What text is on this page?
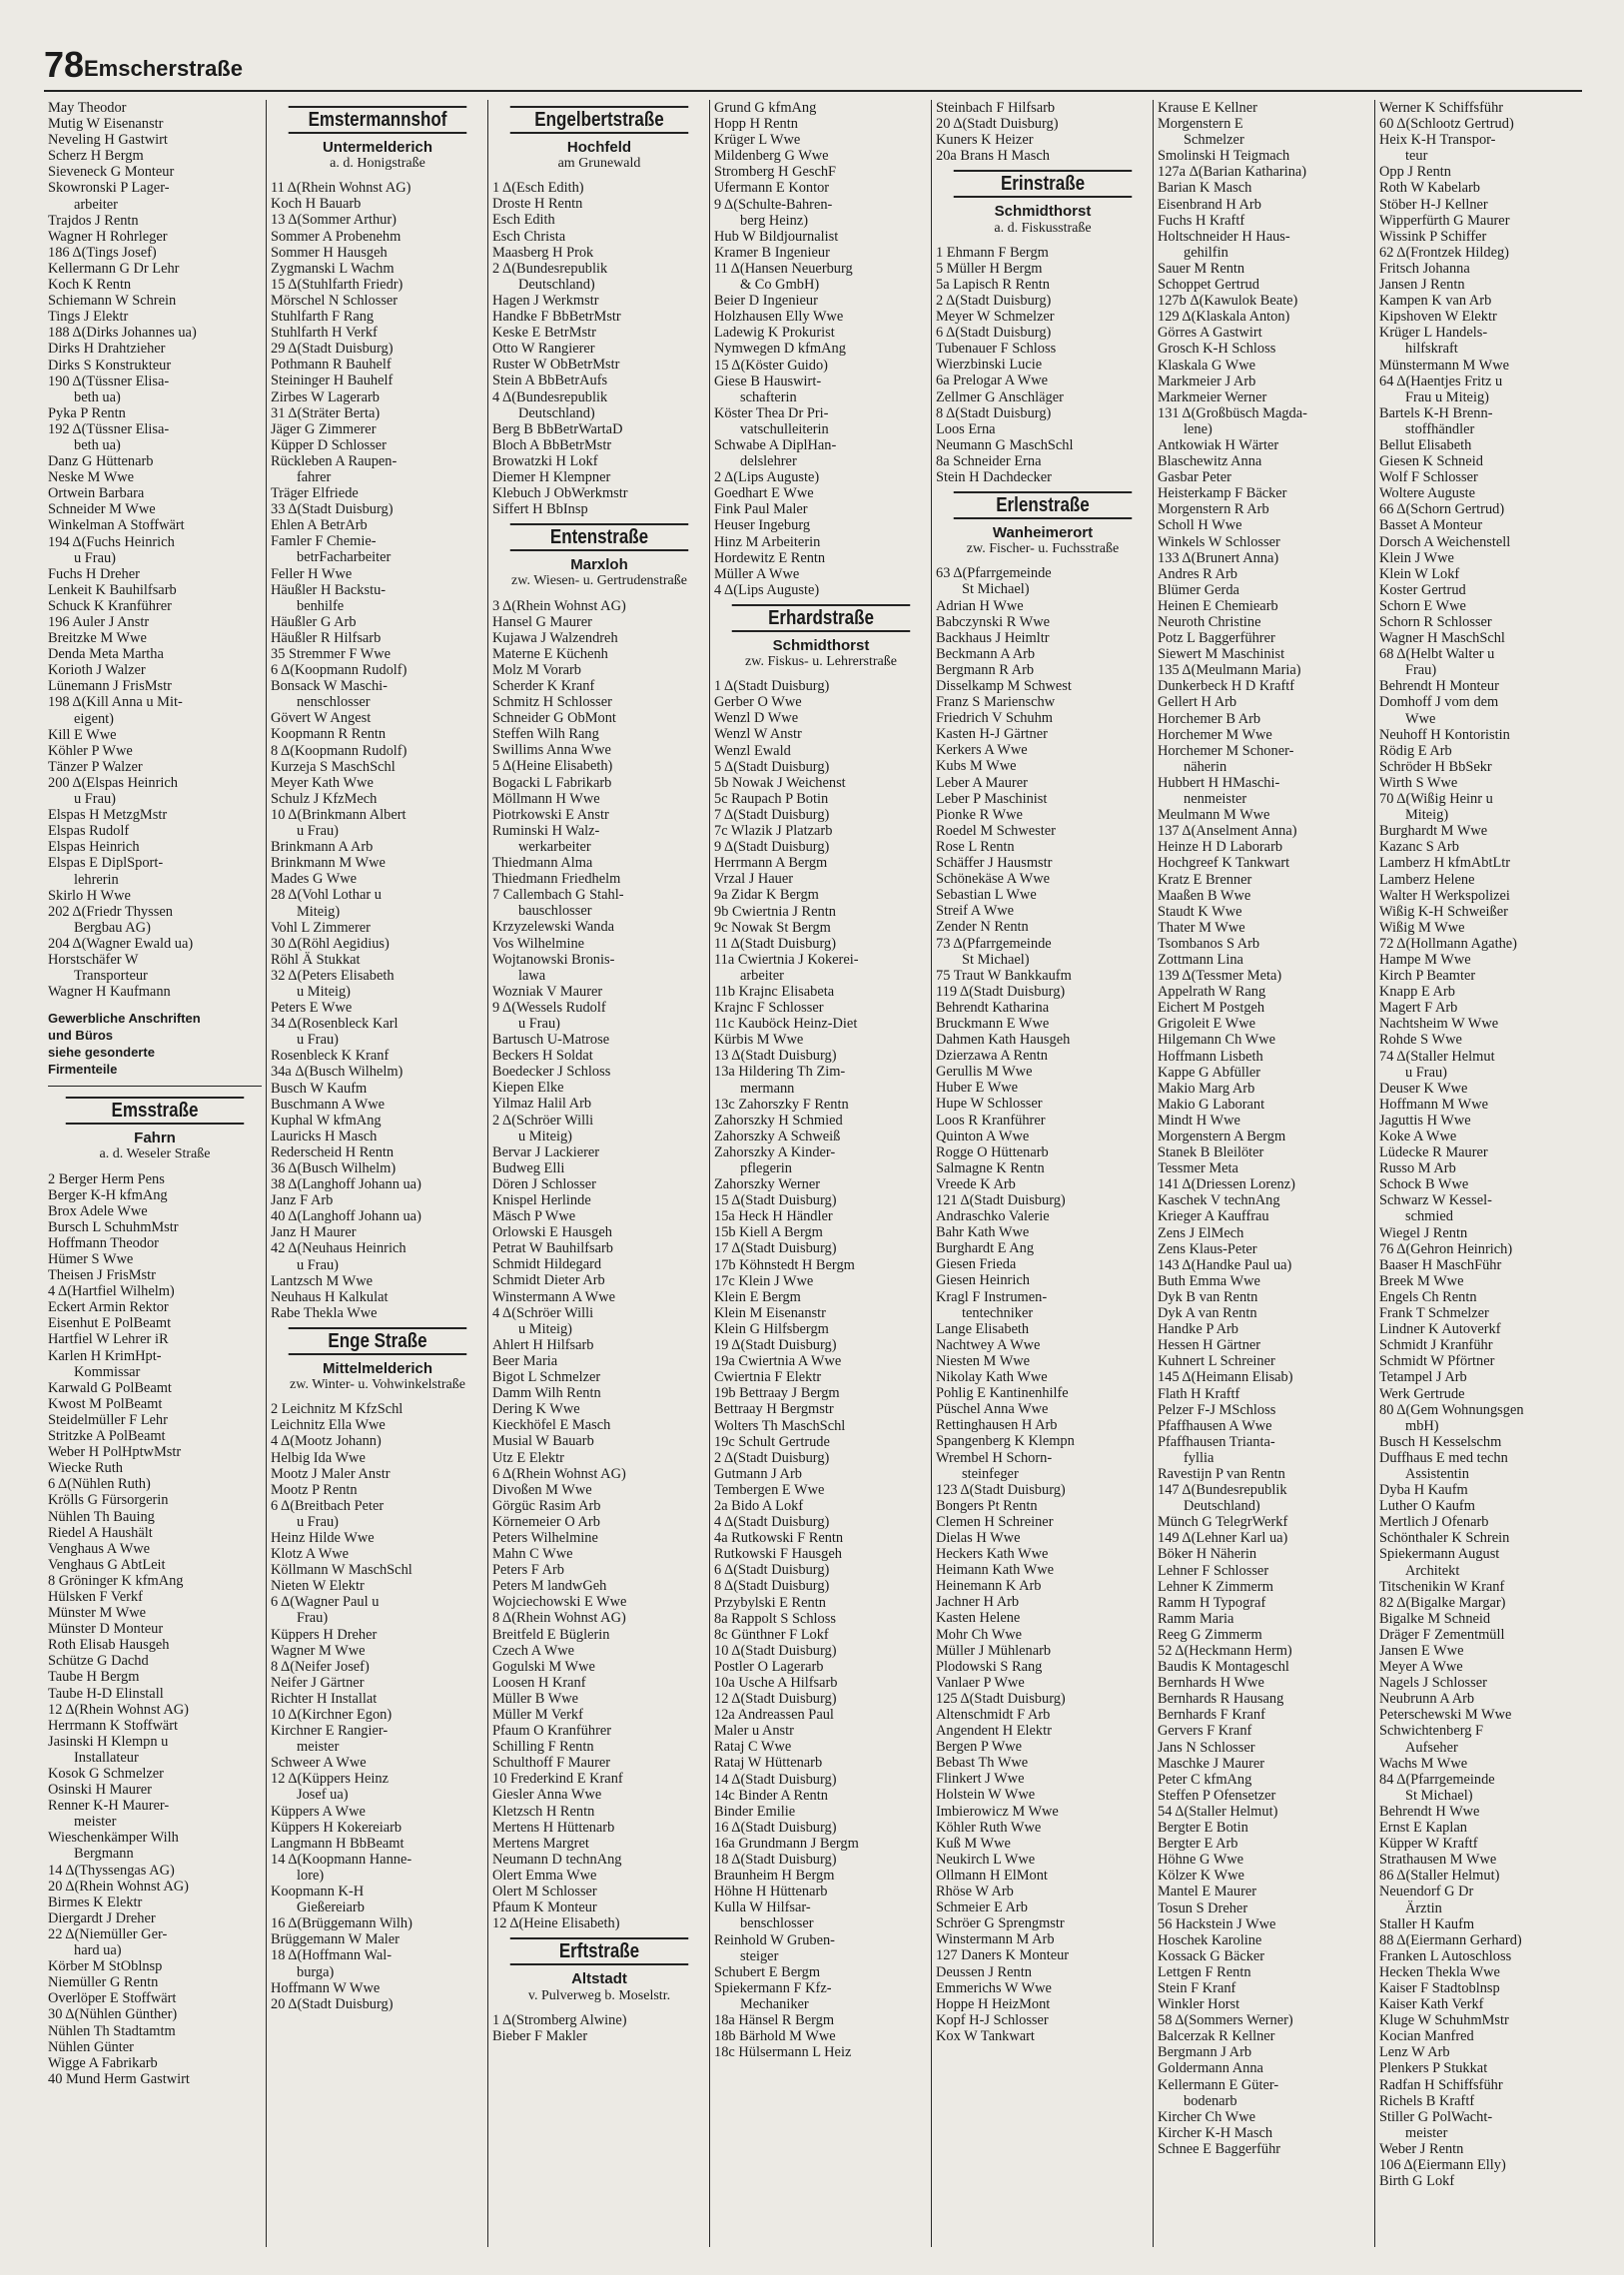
78 Emscherstraße
May Theodor
Mutig W Eisenanstr
Neveling H Gastwirt
Scherz H Bergm
Sieveneck G Monteur
Skowronski P Lager-
arbeiter
Trajdos J Rentn
Wagner H Rohrleger
186 Δ(Tings Josef)
Kellermann G Dr Lehr
Koch K Rentn
Schiemann W Schrein
Tings J Elektr
188 Δ(Dirks Johannes ua)
Dirks H Drahtzieher
Dirks S Konstrukteur
190 Δ(Tüssner Elisa-
beth ua)
Pyka P Rentn
192 Δ(Tüssner Elisa-
beth ua)
Danz G Hüttenarb
Neske M Wwe
Ortwein Barbara
Schneider M Wwe
Winkelman A Stoffwärt
194 Δ(Fuchs Heinrich
u Frau)
Fuchs H Dreher
Lenkeit K Bauhilfsarb
Schuck K Kranführer
196 Auler J Anstr
Breitzke M Wwe
Denda Meta Martha
Korioth J Walzer
Lünemann J FrisMstr
198 Δ(Kill Anna u Mit-
eigent)
Kill E Wwe
Köhler P Wwe
Tänzer P Walzer
200 Δ(Elspas Heinrich
u Frau)
Elspas H MetzgMstr
Elspas Rudolf
Elspas Heinrich
Elspas E DiplSport-
lehrerin
Skirlo H Wwe
202 Δ(Friedr Thyssen
Bergbau AG)
204 Δ(Wagner Ewald ua)
Horstschäfer W
Transporteur
Wagner H Kaufmann
Gewerbliche Anschriften
und Büros
siehe gesonderte
Firmenteile
Emsstraße
Fahrn
a. d. Weseler Straße
2 Berger Herm Pens
Berger K-H kfmAng
Brox Adele Wwe
Bursch L SchuhmMstr
Hoffmann Theodor
Hümer S Wwe
Theisen J FrisMstr
4 Δ(Hartfiel Wilhelm)
Eckert Armin Rektor
Eisenhut E PolBeamt
Hartfiel W Lehrer iR
Karlen H KrimHpt-
Kommissar
Karwald G PolBeamt
Kwost M PolBeamt
Steidelmüller F Lehr
Stritzke A PolBeamt
Weber H PolHptwMstr
Wiecke Ruth
6 Δ(Nühlen Ruth)
Krölls G Fürsorgerin
Nühlen Th Bauing
Riedel A Haushält
Venghaus A Wwe
Venghaus G AbtLeit
8 Gröninger K kfmAng
Hülsken F Verkf
Münster M Wwe
Münster D Monteur
Roth Elisab Hausgeh
Schütze G Dachd
Taube H Bergm
Taube H-D Elinstall
12 Δ(Rhein Wohnst AG)
Herrmann K Stoffwärt
Jasinski H Klempn u
Installateur
Kosok G Schmelzer
Osinski H Maurer
Renner K-H Maurer-
meister
Wieschenkämper Wilh
Bergmann
14 Δ(Thyssengas AG)
20 Δ(Rhein Wohnst AG)
Birmes K Elektr
Diergardt J Dreher
22 Δ(Niemüller Ger-
hard ua)
Körber M StOblnsp
Niemüller G Rentn
Overlöper E Stoffwärt
30 Δ(Nühlen Günther)
Nühlen Th Stadtamtm
Nühlen Günter
Wigge A Fabrikarb
40 Mund Herm Gastwirt
Emstermannshof
Untermelderich
a. d. Honigstraße
11 Δ(Rhein Wohnst AG)
Koch H Bauarb
13 Δ(Sommer Arthur)
Sommer A Probenehm
Sommer H Hausgeh
Zygmanski L Wachm
15 Δ(Stuhlfarth Friedr)
Mörschel N Schlosser
Stuhlfarth F Rang
Stuhlfarth H Verkf
29 Δ(Stadt Duisburg)
Pothmann R Bauhelf
Steininger H Bauhelf
Zirbes W Lagerarb
31 Δ(Sträter Berta)
Jäger G Zimmerer
Küpper D Schlosser
Rückleben A Raupen-
fahrer
Träger Elfriede
33 Δ(Stadt Duisburg)
Ehlen A BetrArb
Famler F Chemie-
betrFacharbeiter
Feller H Wwe
Häußler H Backstu-
benhilfe
Häußler G Arb
Häußler R Hilfsarb
35 Stremmer F Wwe
6 Δ(Koopmann Rudolf)
Bonsack W Maschi-
nenschlosser
Gövert W Angest
Koopmann R Rentn
8 Δ(Koopmann Rudolf)
Kurzeja S MaschSchl
Meyer Kath Wwe
Schulz J KfzMech
10 Δ(Brinkmann Albert
u Frau)
Brinkmann A Arb
Brinkmann M Wwe
Mades G Wwe
28 Δ(Vohl Lothar u
Miteig)
Vohl L Zimmerer
30 Δ(Röhl Aegidius)
Röhl Ä Stukkat
32 Δ(Peters Elisabeth
u Miteig)
Peters E Wwe
34 Δ(Rosenbleck Karl
u Frau)
Rosenbleck K Kranf
34a Δ(Busch Wilhelm)
Busch W Kaufm
Buschmann A Wwe
Kuphal W kfmAng
Lauricks H Masch
Rederscheid H Rentn
36 Δ(Busch Wilhelm)
38 Δ(Langhoff Johann ua)
Janz F Arb
40 Δ(Langhoff Johann ua)
Janz H Maurer
42 Δ(Neuhaus Heinrich
u Frau)
Lantzsch M Wwe
Neuhaus H Kalkulat
Rabe Thekla Wwe
Enge Straße
Mittelmelderich
zw. Winter- u. Vohwinkelstraße
2 Leichnitz M KfzSchl
Leichnitz Ella Wwe
4 Δ(Mootz Johann)
Helbig Ida Wwe
Mootz J Maler Anstr
Mootz P Rentn
6 Δ(Breitbach Peter
u Frau)
Heinz Hilde Wwe
Klotz A Wwe
Köllmann W MaschSchl
Nieten W Elektr
6 Δ(Wagner Paul u
Frau)
Küppers H Dreher
Wagner M Wwe
8 Δ(Neifer Josef)
Neifer J Gärtner
Richter H Installat
10 Δ(Kirchner Egon)
Kirchner E Rangier-
meister
Schweer A Wwe
12 Δ(Küppers Heinz
Josef ua)
Küppers A Wwe
Küppers H Kokereiarb
Langmann H BbBeamt
14 Δ(Koopmann Hanne-
lore)
Koopmann K-H
Gießereiarb
16 Δ(Brüggemann Wilh)
Brüggemann W Maler
18 Δ(Hoffmann Wal-
burga)
Hoffmann W Wwe
20 Δ(Stadt Duisburg)
Engelbertstraße
Hochfeld
am Grunewald
1 Δ(Esch Edith)
Droste H Rentn
Esch Edith
Esch Christa
Maasberg H Prok
2 Δ(Bundesrepublik
Deutschland)
Hagen J Werkmstr
Handke F BbBetrMstr
Keske E BetrMstr
Otto W Rangierer
Ruster W ObBetrMstr
Stein A BbBetrAufs
4 Δ(Bundesrepublik
Deutschland)
Berg B BbBetrWartaD
Bloch A BbBetrMstr
Browatzki H Lokf
Diemer H Klempner
Klebuch J ObWerkmstr
Siffert H BbInsp
Entenstraße
Marxloh
zw. Wiesen- u. Gertrudenstraße
3 Δ(Rhein Wohnst AG)
Hansel G Maurer
Kujawa J Walzendreh
Materne E Küchenh
Molz M Vorarb
Scherder K Kranf
Schmitz H Schlosser
Schneider G ObMont
Steffen Wilh Rang
Swillims Anna Wwe
5 Δ(Heine Elisabeth)
Bogacki L Fabrikarb
Möllmann H Wwe
Piotrkowski E Anstr
Ruminski H Walz-
werkarbeiter
Thiedmann Alma
Thiedmann Friedhelm
7 Callembach G Stahl-
bauschlosser
Krzyzelewski Wanda
Vos Wilhelmine
Wojtanowski Bronis-
lawa
Wozniak V Maurer
9 Δ(Wessels Rudolf
u Frau)
Bartusch U-Matrose
Beckers H Soldat
Boedecker J Schloss
Kiepen Elke
Yilmaz Halil Arb
2 Δ(Schröer Willi
u Miteig)
Bervar J Lackierer
Budweg Elli
Dören J Schlosser
Knispel Herlinde
Mäsch P Wwe
Orlowski E Hausgeh
Petrat W Bauhilfsarb
Schmidt Hildegard
Schmidt Dieter Arb
Winstermann A Wwe
4 Δ(Schröer Willi
u Miteig)
Ahlert H Hilfsarb
Beer Maria
Bigot L Schmelzer
Damm Wilh Rentn
Dering K Wwe
Kieckhöfel E Masch
Musial W Bauarb
Utz E Elektr
6 Δ(Rhein Wohnst AG)
Divoßen M Wwe
Görgüc Rasim Arb
Körnemeier O Arb
Peters Wilhelmine
Mahn C Wwe
Peters F Arb
Peters M landwGeh
Wojciechowski E Wwe
8 Δ(Rhein Wohnst AG)
Breitfeld E Büglerin
Czech A Wwe
Gogulski M Wwe
Loosen H Kranf
Müller B Wwe
Müller M Verkf
Pfaum O Kranführer
Schilling F Rentn
Schulthoff F Maurer
10 Frederkind E Kranf
Giesler Anna Wwe
Kletzsch H Rentn
Mertens H Hüttenarb
Mertens Margret
Neumann D technAng
Olert Emma Wwe
Olert M Schlosser
Pfaum K Monteur
12 Δ(Heine Elisabeth)
Erftstraße
Altstadt
v. Pulverweg b. Moselstr.
1 Δ(Stromberg Alwine)
Bieber F Makler
Grund G kfmAng
Hopp H Rentn
Krüger L Wwe
Mildenberg G Wwe
Stromberg H GeschF
Ufermann E Kontor
9 Δ(Schulte-Bahren-
berg Heinz)
Hub W Bildjournalist
Kramer B Ingenieur
11 Δ(Hansen Neuerburg
& Co GmbH)
Beier D Ingenieur
Holzhausen Elly Wwe
Ladewig K Prokurist
Nymwegen D kfmAng
15 Δ(Köster Guido)
Giese B Hauswirt-
schafterin
Köster Thea Dr Pri-
vatschulleiterin
Schwabe A DiplHan-
delslehrer
2 Δ(Lips Auguste)
Goedhart E Wwe
Fink Paul Maler
Heuser Ingeburg
Hinz M Arbeiterin
Hordewitz E Rentn
Müller A Wwe
4 Δ(Lips Auguste)
Erhardstraße
Schmidthorst
zw. Fiskus- u. Lehrerstraße
1 Δ(Stadt Duisburg)
Gerber O Wwe
Wenzl D Wwe
Wenzl W Anstr
Wenzl Ewald
5 Δ(Stadt Duisburg)
5b Nowak J Weichenst
5c Raupach P Botin
7 Δ(Stadt Duisburg)
7c Wlazik J Platzarb
9 Δ(Stadt Duisburg)
Herrmann A Bergm
Vrzal J Hauer
9a Zidar K Bergm
9b Cwiertnia J Rentn
9c Nowak St Bergm
11 Δ(Stadt Duisburg)
11a Cwiertnia J Kokerei-
arbeiter
11b Krajnc Elisabeta
Krajnc F Schlosser
11c Kauböck Heinz-Diet
Kürbis M Wwe
13 Δ(Stadt Duisburg)
13a Hildering Th Zim-
mermann
13c Zahorszky F Rentn
Zahorszky H Schmied
Zahorszky A Schweiß
Zahorszky A Kinder-
pflegerin
Zahorszky Werner
15 Δ(Stadt Duisburg)
15a Heck H Händler
15b Kiell A Bergm
17 Δ(Stadt Duisburg)
17b Köhnstedt H Bergm
17c Klein J Wwe
Klein E Bergm
Klein M Eisenanstr
Klein G Hilfsbergm
19 Δ(Stadt Duisburg)
19a Cwiertnia A Wwe
Cwiertnia F Elektr
19b Bettraay J Bergm
Bettraay H Bergmstr
Wolters Th MaschSchl
19c Schult Gertrude
2 Δ(Stadt Duisburg)
Gutmann J Arb
Tembergen E Wwe
2a Bido A Lokf
4 Δ(Stadt Duisburg)
4a Rutkowski F Rentn
Rutkowski F Hausgeh
6 Δ(Stadt Duisburg)
8 Δ(Stadt Duisburg)
Przybylski E Rentn
8a Rappolt S Schloss
8c Günthner F Lokf
10 Δ(Stadt Duisburg)
Postler O Lagerarb
10a Usche A Hilfsarb
12 Δ(Stadt Duisburg)
12a Andreassen Paul
Maler u Anstr
Rataj C Wwe
Rataj W Hüttenarb
14 Δ(Stadt Duisburg)
14c Binder A Rentn
Binder Emilie
16 Δ(Stadt Duisburg)
16a Grundmann J Bergm
18 Δ(Stadt Duisburg)
Braunheim H Bergm
Höhne H Hüttenarb
Kulla W Hilfsar-
benschlosser
Reinhold W Gruben-
steiger
Schubert E Bergm
Spiekermann F Kfz-
Mechaniker
18a Hänsel R Bergm
18b Bärhold M Wwe
18c Hülsermann L Heiz
Steinbach F Hilfsarb
20 Δ(Stadt Duisburg)
Kuners K Heizer
20a Brans H Masch
Erinstraße
Schmidthorst
a. d. Fiskusstraße
1 Ehmann F Bergm
5 Müller H Bergm
5a Lapisch R Rentn
2 Δ(Stadt Duisburg)
Meyer W Schmelzer
6 Δ(Stadt Duisburg)
Tubenauer F Schloss
Wierzbinski Lucie
6a Prelogar A Wwe
Zellmer G Anschläger
8 Δ(Stadt Duisburg)
Loos Erna
Neumann G MaschSchl
8a Schneider Erna
Stein H Dachdecker
Erlenstraße
Wanheimerort
zw. Fischer- u. Fuchsstraße
63 Δ(Pfarrgemeinde
St Michael)
Adrian H Wwe
Babczynski R Wwe
Backhaus J Heimltr
Beckmann A Arb
Bergmann R Arb
Disselkamp M Schwest
Franz S Marienschw
Friedrich V Schuhm
Kasten H-J Gärtner
Kerkers A Wwe
Kubs M Wwe
Leber A Maurer
Leber P Maschinist
Pionke R Wwe
Roedel M Schwester
Rose L Rentn
Schäffer J Hausmstr
Schönekäse A Wwe
Sebastian L Wwe
Streif A Wwe
Zender N Rentn
73 Δ(Pfarrgemeinde
St Michael)
75 Traut W Bankkaufm
119 Δ(Stadt Duisburg)
Behrendt Katharina
Bruckmann E Wwe
Dahmen Kath Hausgeh
Dzierzawa A Rentn
Gerullis M Wwe
Huber E Wwe
Hupe W Schlosser
Loos R Kranführer
Quinton A Wwe
Rogge O Hüttenarb
Salmagne K Rentn
Vreede K Arb
121 Δ(Stadt Duisburg)
Andraschko Valerie
Bahr Kath Wwe
Burghardt E Ang
Giesen Frieda
Giesen Heinrich
Kragl F Instrumen-
tentechniker
Lange Elisabeth
Nachtwey A Wwe
Niesten M Wwe
Nikolay Kath Wwe
Pohlig E Kantinenhilfe
Püschel Anna Wwe
Rettinghausen H Arb
Spangenberg K Klempn
Wrembel H Schorn-
steinfeger
123 Δ(Stadt Duisburg)
Bongers Pt Rentn
Clemen H Schreiner
Dielas H Wwe
Heckers Kath Wwe
Heimann Kath Wwe
Heinemann K Arb
Jachner H Arb
Kasten Helene
Mohr Ch Wwe
Müller J Mühlenarb
Plodowski S Rang
Vanlaer P Wwe
125 Δ(Stadt Duisburg)
Altenschmidt F Arb
Angendent H Elektr
Bergen P Wwe
Bebast Th Wwe
Flinkert J Wwe
Holstein W Wwe
Imbierowicz M Wwe
Köhler Ruth Wwe
Kuß M Wwe
Neukirch L Wwe
Ollmann H ElMont
Rhöse W Arb
Schmeier E Arb
Schröer G Sprengmstr
Winstermann M Arb
127 Daners K Monteur
Deussen J Rentn
Emmerichs W Wwe
Hoppe H HeizMont
Kopf H-J Schlosser
Kox W Tankwart
Krause E Kellner
Morgenstern E
Schmelzer
Smolinski H Teigmach
127a Δ(Barian Katharina)
Barian K Masch
Eisenbrand H Arb
Fuchs H Kraftf
Holtschneider H Haus-
gehilfin
Sauer M Rentn
Schoppet Gertrud
127b Δ(Kawulok Beate)
129 Δ(Klaskala Anton)
Görres A Gastwirt
Grosch K-H Schloss
Klaskala G Wwe
Markmeier J Arb
Markmeier Werner
131 Δ(Großbüsch Magda-
lene)
Antkowiak H Wärter
Blaschewitz Anna
Gasbar Peter
Heisterkamp F Bäcker
Morgenstern R Arb
Scholl H Wwe
Winkels W Schlosser
133 Δ(Brunert Anna)
Andres R Arb
Blümer Gerda
Heinen E Chemiearb
Neuroth Christine
Potz L Baggerführer
Siewert M Maschinist
135 Δ(Meulmann Maria)
Dunkerbeck H D Kraftf
Gellert H Arb
Horchemer B Arb
Horchemer M Wwe
Horchemer M Schoner-
näherin
Hubbert H HMaschi-
nenmeister
Meulmann M Wwe
137 Δ(Anselment Anna)
Heinze H D Laborarb
Hochgreef K Tankwart
Kratz E Brenner
Maaßen B Wwe
Staudt K Wwe
Thater M Wwe
Tsombanos S Arb
Zottmann Lina
139 Δ(Tessmer Meta)
Appelrath W Rang
Eichert M Postgeh
Grigoleit E Wwe
Hilgemann Ch Wwe
Hoffmann Lisbeth
Kappe G Abfüller
Makio Marg Arb
Makio G Laborant
Mindt H Wwe
Morgenstern A Bergm
Stanek B Bleilöter
Tessmer Meta
141 Δ(Driessen Lorenz)
Kaschek V technAng
Krieger A Kauffrau
Zens J ElMech
Zens Klaus-Peter
143 Δ(Handke Paul ua)
Buth Emma Wwe
Dyk B van Rentn
Dyk A van Rentn
Handke P Arb
Hessen H Gärtner
Kuhnert L Schreiner
145 Δ(Heimann Elisab)
Flath H Kraftf
Pelzer F-J MSchloss
Pfaffhausen A Wwe
Pfaffhausen Trianta-
fyllia
Ravestijn P van Rentn
147 Δ(Bundesrepublik
Deutschland)
Münch G TelegrWerkf
149 Δ(Lehner Karl ua)
Böker H Näherin
Lehner F Schlosser
Lehner K Zimmerm
Ramm H Typograf
Ramm Maria
Reeg G Zimmerm
52 Δ(Heckmann Herm)
Baudis K Montageschl
Bernhards H Wwe
Bernhards R Hausang
Bernhards F Kranf
Gervers F Kranf
Jans N Schlosser
Maschke J Maurer
Peter C kfmAng
Steffen P Ofensetzer
54 Δ(Staller Helmut)
Bergter E Botin
Bergter E Arb
Höhne G Wwe
Kölzer K Wwe
Mantel E Maurer
Tosun S Dreher
56 Hackstein J Wwe
Hoschek Karoline
Kossack G Bäcker
Lettgen F Rentn
Stein F Kranf
Winkler Horst
58 Δ(Sommers Werner)
Balcerzak R Kellner
Bergmann J Arb
Goldermann Anna
Kellermann E Güter-
bodenarb
Kircher Ch Wwe
Kircher K-H Masch
Schnee E Baggerführ
Werner K Schiffsführ
60 Δ(Schlootz Gertrud)
Heix K-H Transpor-
teur
Opp J Rentn
Roth W Kabelarb
Stöber H-J Kellner
Wipperfürth G Maurer
Wissink P Schiffer
62 Δ(Frontzek Hildeg)
Fritsch Johanna
Jansen J Rentn
Kampen K van Arb
Kipshoven W Elektr
Krüger L Handels-
hilfskraft
Münstermann M Wwe
64 Δ(Haentjes Fritz u
Frau u Miteig)
Bartels K-H Brenn-
stoffhändler
Bellut Elisabeth
Giesen K Schneid
Wolf F Schlosser
Woltere Auguste
66 Δ(Schorn Gertrud)
Basset A Monteur
Dorsch A Weichenstell
Klein J Wwe
Klein W Lokf
Koster Gertrud
Schorn E Wwe
Schorn R Schlosser
Wagner H MaschSchl
68 Δ(Helbt Walter u
Frau)
Behrendt H Monteur
Domhoff J vom dem
Wwe
Neuhoff H Kontoristin
Rödig E Arb
Schröder H BbSekr
Wirth S Wwe
70 Δ(Wißig Heinr u
Miteig)
Burghardt M Wwe
Kazanc S Arb
Lamberz H kfmAbtLtr
Lamberz Helene
Walter H Werkspolizei
Wißig K-H Schweißer
Wißig M Wwe
72 Δ(Hollmann Agathe)
Hampe M Wwe
Kirch P Beamter
Knapp E Arb
Magert F Arb
Nachtsheim W Wwe
Rohde S Wwe
74 Δ(Staller Helmut
u Frau)
Deuser K Wwe
Hoffmann M Wwe
Jaguttis H Wwe
Koke A Wwe
Lüdecke R Maurer
Russo M Arb
Schock B Wwe
Schwarz W Kessel-
schmied
Wiegel J Rentn
76 Δ(Gehron Heinrich)
Baaser H MaschFühr
Breek M Wwe
Engels Ch Rentn
Frank T Schmelzer
Lindner K Autoverkf
Schmidt J Kranführ
Schmidt W Pförtner
Tetampel J Arb
Werk Gertrude
80 Δ(Gem Wohnungsgen
mbH)
Busch H Kesselschm
Duffhaus E med techn
Assistentin
Dyba H Kaufm
Luther O Kaufm
Mertlich J Ofenarb
Schönthaler K Schrein
Spiekermann August
Architekt
Titschenikin W Kranf
82 Δ(Bigalke Margar)
Bigalke M Schneid
Dräger F Zementmüll
Jansen E Wwe
Meyer A Wwe
Nagels J Schlosser
Neubrunn A Arb
Peterschewski M Wwe
Schwichtenberg F
Aufseher
Wachs M Wwe
84 Δ(Pfarrgemeinde
St Michael)
Behrendt H Wwe
Ernst E Kaplan
Küpper W Kraftf
Strathausen M Wwe
86 Δ(Staller Helmut)
Neuendorf G Dr
Ärztin
Staller H Kaufm
88 Δ(Eiermann Gerhard)
Franken L Autoschloss
Hecken Thekla Wwe
Kaiser F Stadtoblnsp
Kaiser Kath Verkf
Kluge W SchuhmMstr
Kocian Manfred
Lenz W Arb
Plenkers P Stukkat
Radfan H Schiffsführ
Richels B Kraftf
Stiller G PolWacht-
meister
Weber J Rentn
106 Δ(Eiermann Elly)
Birth G Lokf
